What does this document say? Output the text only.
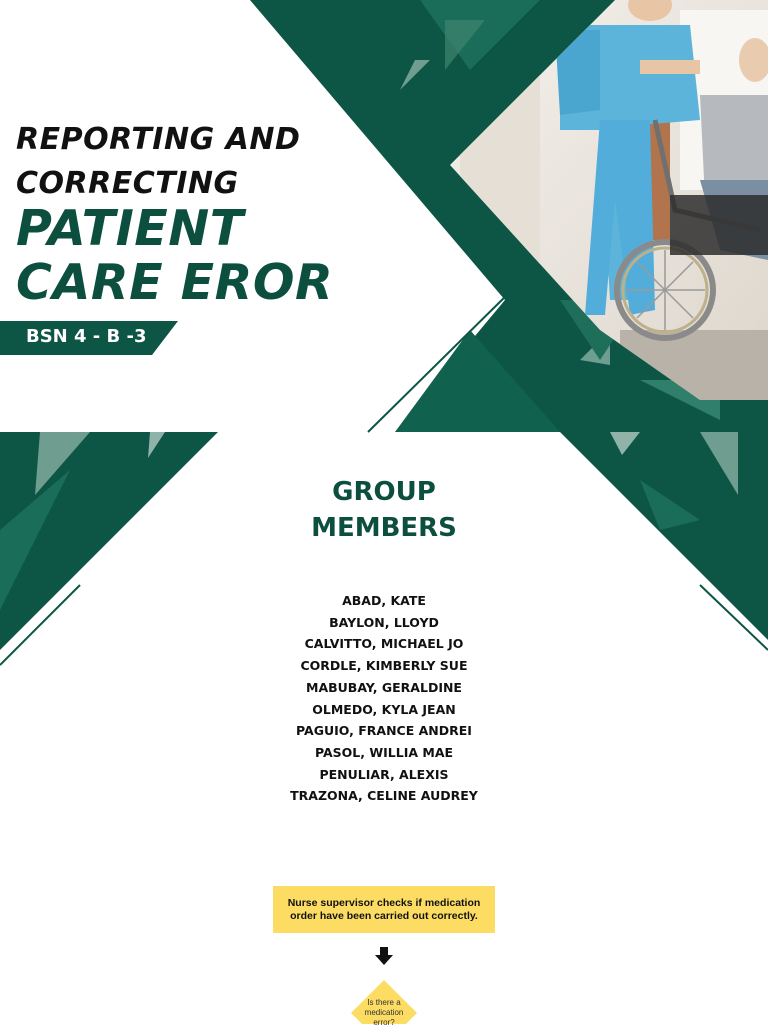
REPORTING AND
CORRECTING
PATIENT
CARE EROR
BSN 4 - B -3
GROUP
MEMBERS
ABAD, KATE
BAYLON, LLOYD
CALVITTO, MICHAEL JO
CORDLE, KIMBERLY SUE
MABUBAY, GERALDINE
OLMEDO, KYLA JEAN
PAGUIO, FRANCE ANDREI
PASOL, WILLIA MAE
PENULIAR, ALEXIS
TRAZONA, CELINE AUDREY
Nurse supervisor checks if medication order have been carried out correctly.
Is there a medication error?
